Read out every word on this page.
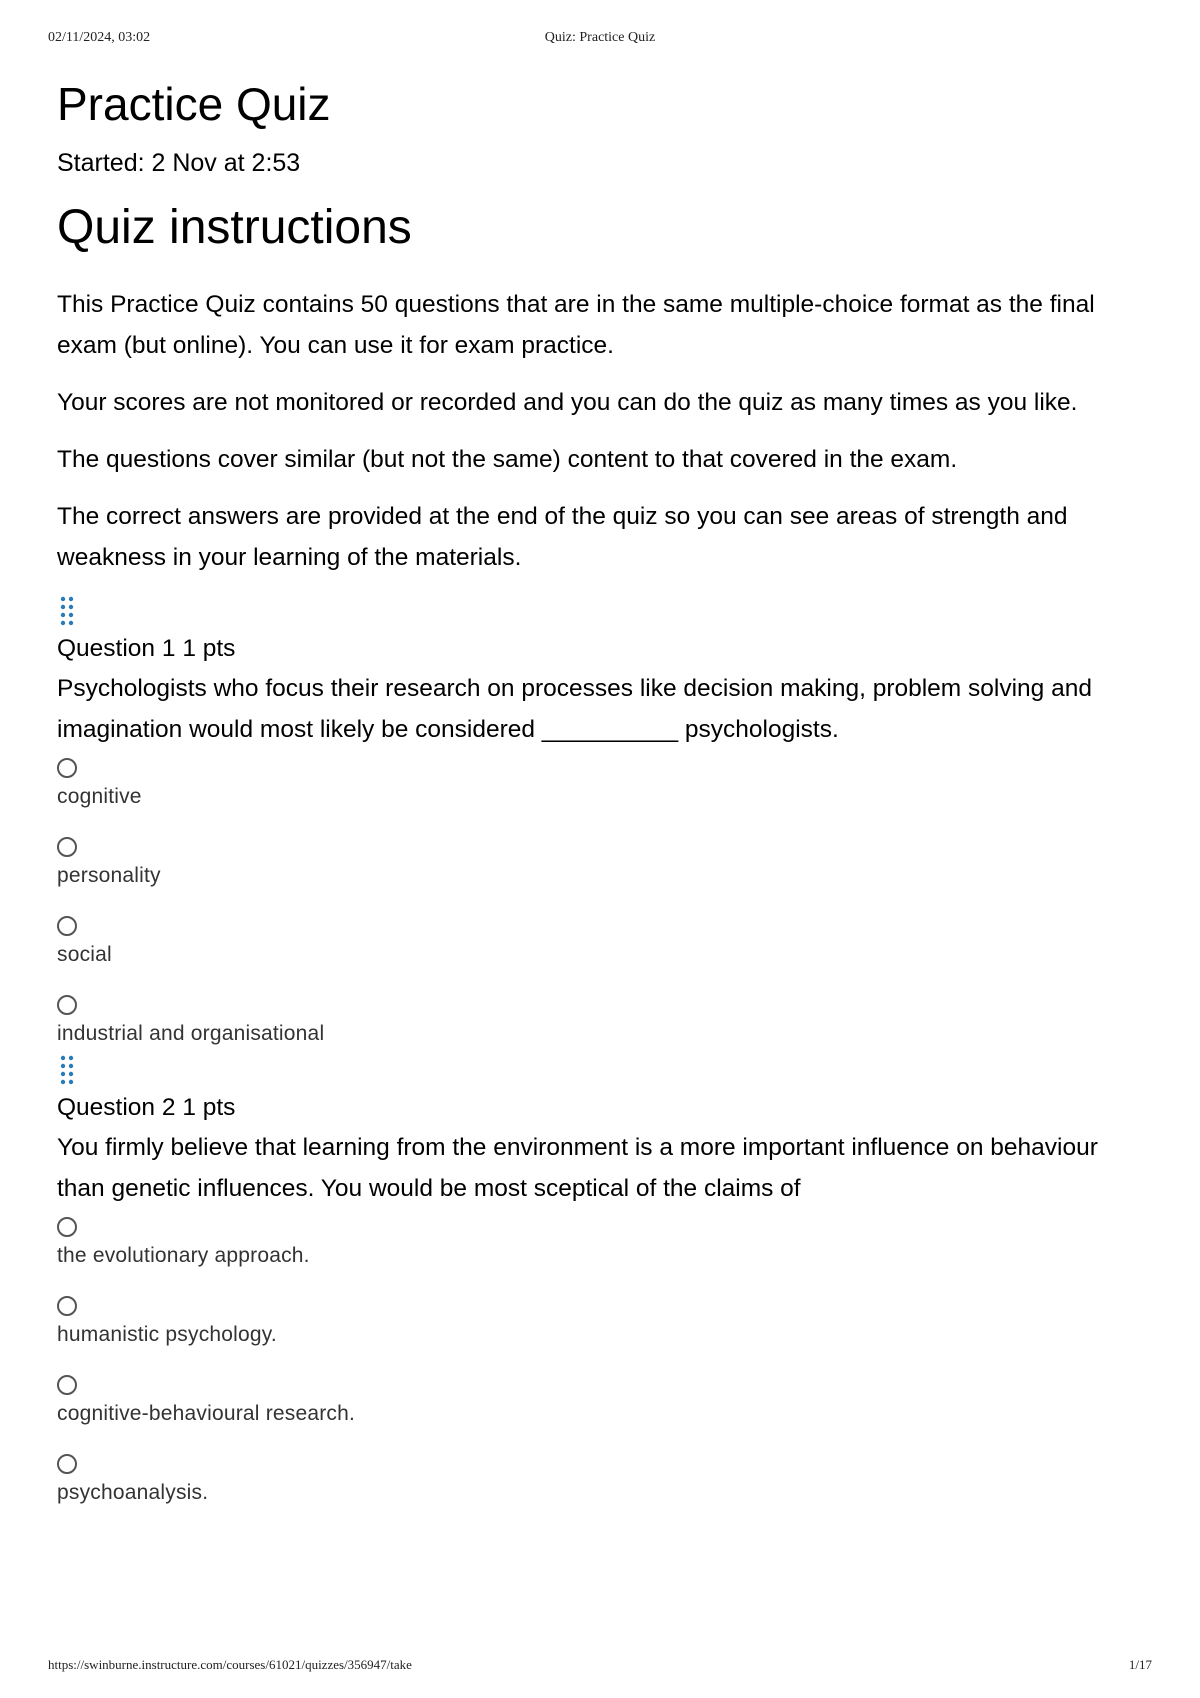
02/11/2024, 03:02	Quiz: Practice Quiz
Practice Quiz
Started: 2 Nov at 2:53
Quiz instructions

This Practice Quiz contains 50 questions that are in the same multiple-choice format as the final exam (but online). You can use it for exam practice.

Your scores are not monitored or recorded and you can do the quiz as many times as you like.

The questions cover similar (but not the same) content to that covered in the exam.

The correct answers are provided at the end of the quiz so you can see areas of strength and weakness in your learning of the materials.

Question 1 1 pts
Psychologists who focus their research on processes like decision making, problem solving and imagination would most likely be considered __________ psychologists.
cognitive
personality
social
industrial and organisational
Question 2 1 pts
You firmly believe that learning from the environment is a more important influence on behaviour than genetic influences. You would be most sceptical of the claims of
the evolutionary approach.
humanistic psychology.
cognitive-behavioural research.
psychoanalysis.
https://swinburne.instructure.com/courses/61021/quizzes/356947/take	1/17
